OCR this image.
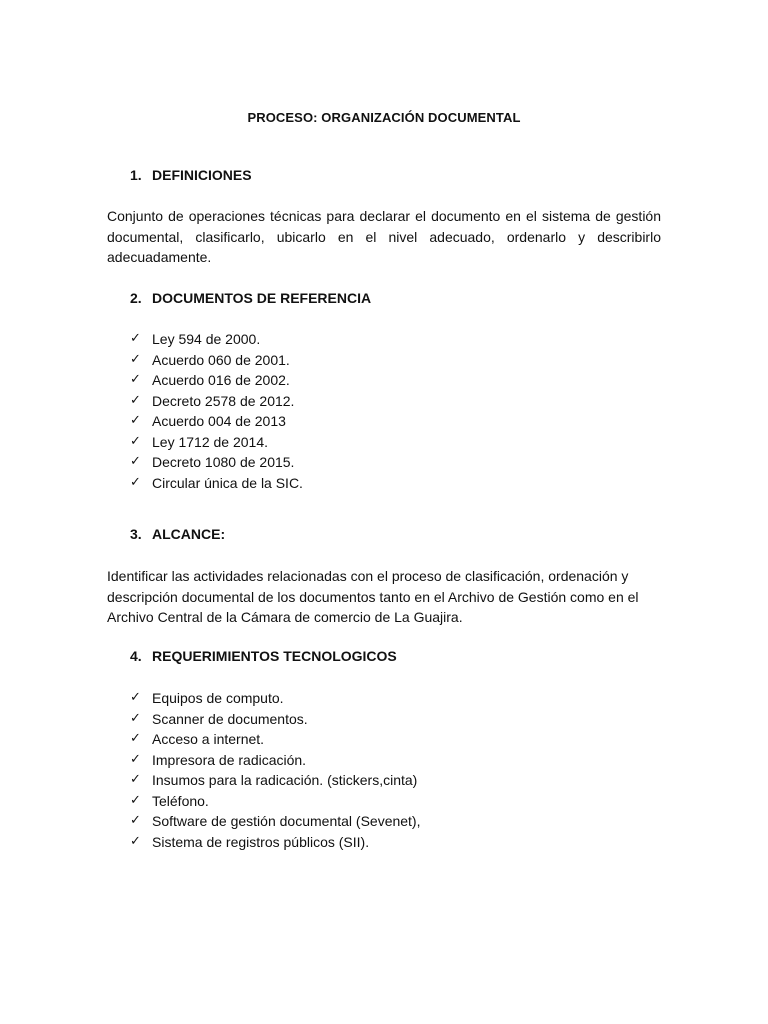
PROCESO: ORGANIZACIÓN DOCUMENTAL
1. DEFINICIONES
Conjunto de operaciones técnicas para declarar el documento en el sistema de gestión documental, clasificarlo, ubicarlo en el nivel adecuado, ordenarlo y describirlo adecuadamente.
2. DOCUMENTOS DE REFERENCIA
✓ Ley 594 de 2000.
✓ Acuerdo 060 de 2001.
✓ Acuerdo 016 de 2002.
✓ Decreto 2578 de 2012.
✓ Acuerdo 004 de 2013
✓ Ley 1712 de 2014.
✓ Decreto 1080 de 2015.
✓ Circular única de la SIC.
3. ALCANCE:
Identificar las actividades relacionadas con el proceso de clasificación, ordenación y descripción documental de los documentos tanto en el Archivo de Gestión como en el Archivo Central de la Cámara de comercio de La Guajira.
4. REQUERIMIENTOS TECNOLOGICOS
✓ Equipos de computo.
✓ Scanner de documentos.
✓ Acceso a internet.
✓ Impresora de radicación.
✓ Insumos para la radicación. (stickers,cinta)
✓ Teléfono.
✓ Software de gestión documental (Sevenet),
✓ Sistema de registros públicos (SII).
